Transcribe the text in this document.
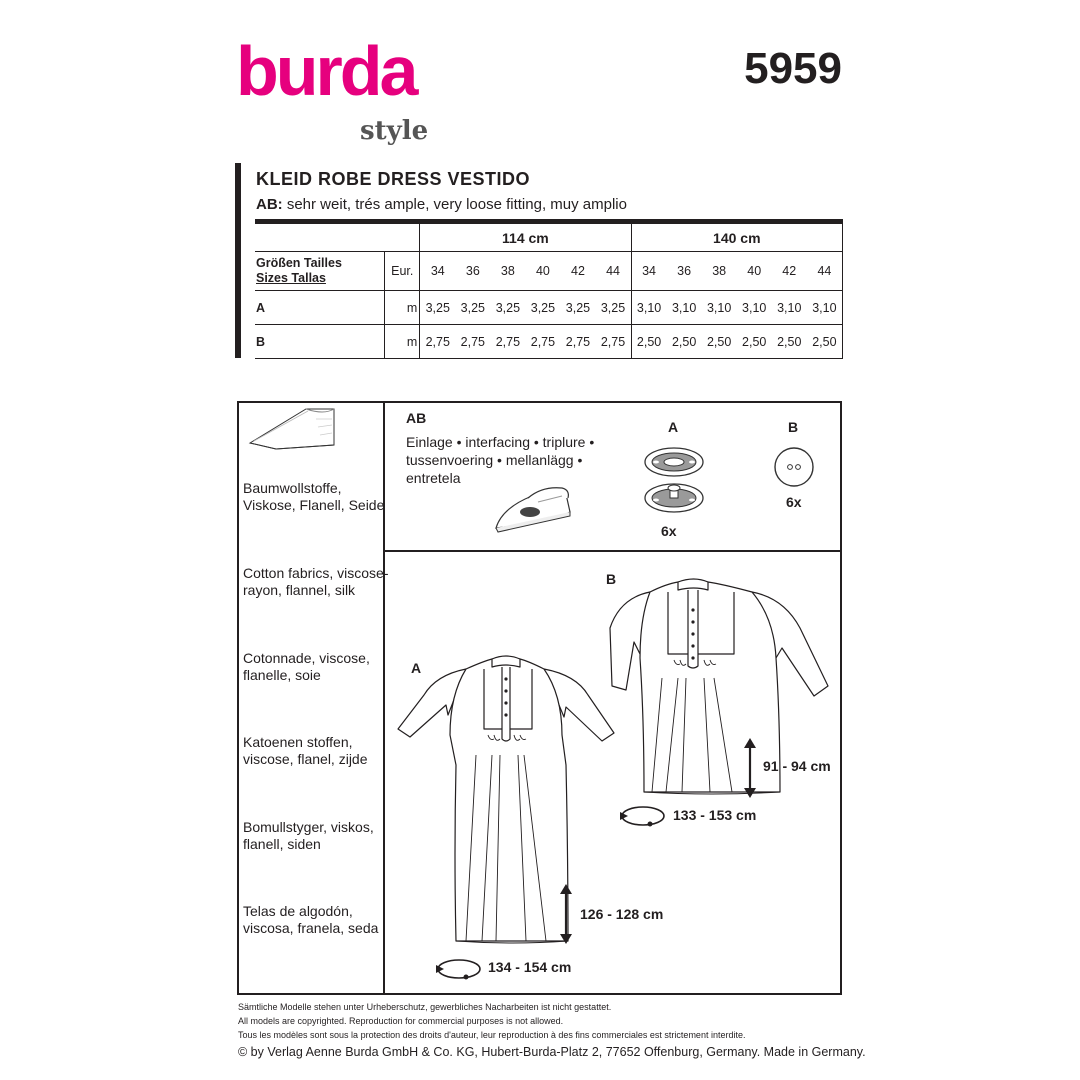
burda
style
5959
KLEID ROBE DRESS VESTIDO
AB: sehr weit, trés ample, very loose fitting, muy amplio
		114 cm						140 cm					

Größen Tailles
Sizes Tallas	Eur.	34	36	38	40	42	44	34	36	38	40	42	44
A	m	3,25	3,25	3,25	3,25	3,25	3,25	3,10	3,10	3,10	3,10	3,10	3,10
B	m	2,75	2,75	2,75	2,75	2,75	2,75	2,50	2,50	2,50	2,50	2,50	2,50
Baumwollstoffe,
Viskose, Flanell, Seide
Cotton fabrics, viscose-
rayon, flannel, silk
Cotonnade, viscose,
flanelle, soie
Katoenen stoffen,
viscose, flanel, zijde
Bomullstyger, viskos,
flanell, siden
Telas de algodón,
viscosa, franela, seda
AB
Einlage • interfacing • triplure •
tussenvoering • mellanlägg •
entretela
A
6x
B
6x
A
126 - 128 cm
134 - 154 cm
B
91 - 94 cm
133 - 153 cm
Sämtliche Modelle stehen unter Urheberschutz, gewerbliches Nacharbeiten ist nicht gestattet.
All models are copyrighted. Reproduction for commercial purposes is not allowed.
Tous les modèles sont sous la protection des droits d'auteur, leur reproduction à des fins commerciales est strictement interdite.
© by Verlag Aenne Burda GmbH & Co. KG, Hubert-Burda-Platz 2, 77652 Offenburg, Germany. Made in Germany.
